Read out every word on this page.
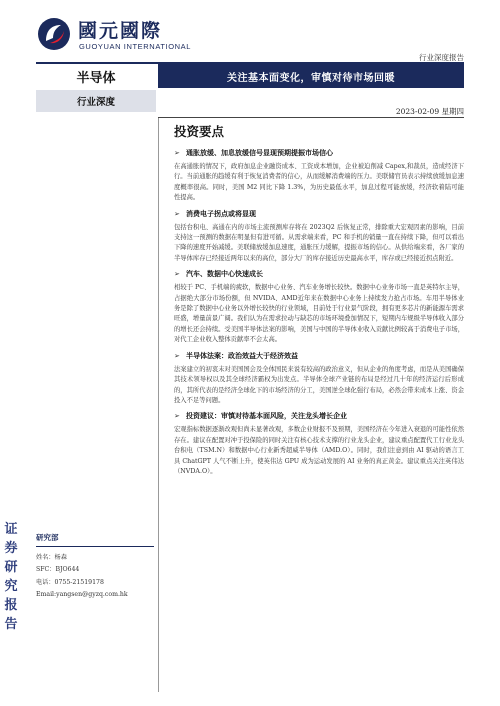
國元國際
GUOYUAN INTERNATIONAL
行业深度报告
半导体	关注基本面变化，审慎对待市场回暖
行业深度
2023-02-09 星期四
投资要点
➢ 通胀放缓、加息放缓信号显现预期提振市场信心

在高通胀的情况下，政府加息企业融资成本、工资成本增加，企业被迫削减 Capex,和裁员，造成经济下行。当前通胀的趋缓有利于恢复消费者的信心，从而缓解消费端的压力。美联储官员表示持续放缓加息速度概率很高。同时，美国 M2 同比下降 1.3%，为历史最低水平，加息过程可能放缓，经济软着陆可能性提高。

➢ 消费电子拐点或将显现

包括台积电、高通在内的市场主流预测库存将在 2023Q2 后恢复正常，排除重大宏观因素的影响，目前支持这一预测的数据在明显但有进可循。从需求端来看，PC 和手机的销量一直在持续下降，但可以看出下降的速度开始减缓。美联储放缓加息速度，通胀压力缓解，提振市场的信心。从供给端来看，各厂家的半导体库存已经接近两年以来的高位，部分大厂的库存接近历史最高水平，库存或已经接近拐点附近。

➢ 汽车、数据中心快速成长

相较于 PC、手机端的疲软，数据中心业务、汽车业务增长较快。数据中心业务市场一直是英特尔主导，占据绝大部分市场份额，但 NVIDA、AMD近年来在数据中心业务上持续发力抢占市场。车用半导体业务是除了数据中心业务以外增长较快的行业领域，目前处于行业景气阶段，拥有更多芯片的新能源车需求旺盛，增量前景广阔。我们认为在需求拉动与缺芯的市场环境叠加情况下，短期内车规级半导体收入部分的增长还会持续。受美国半导体法案的影响，美国与中国的半导体业收入贡献比例较高于消费电子市场，对代工企业收入整体贡献率不会太高。

➢ 半导体法案：政治效益大于经济效益

法案建立的初衷未对美国国会及全体国民来说有较高的政治意义，但从企业的角度考虑，而是从美国确保其技术领导权以及其全球经济霸权为出发点。半导体全球产业链的布局是经过几十年的经济运行后形成的，其所代表的是经济全球化下的市场经济的分工，美国逆全球化强行布局，必然会带来成本上涨、资金投入不足等问题。

➢ 投资建议：审慎对待基本面风险，关注龙头增长企业

宏观指标数据逐渐改观但尚未显著改观，多数企业财报不及预期，美国经济在今年进入衰退的可能性依然存在。建议在配置对冲于投保险的同时关注有核心技术支撑的行业龙头企业，建议重点配置代工行业龙头台积电（TSM.N）和数据中心行业新秀超威半导体（AMD.O）。同时，我们注意到由 AI 驱动的语言工具 ChatGPT 人气不断上升，使英伟达 GPU 成为运动发展的 AI 业务的真正黄金。建议重点关注英伟达（NVDA.O）。

研究部
姓名：杨森
SFC：BJO644
电话：0755-21519178
Email:yangsen@gyzq.com.hk
证券研究报告
